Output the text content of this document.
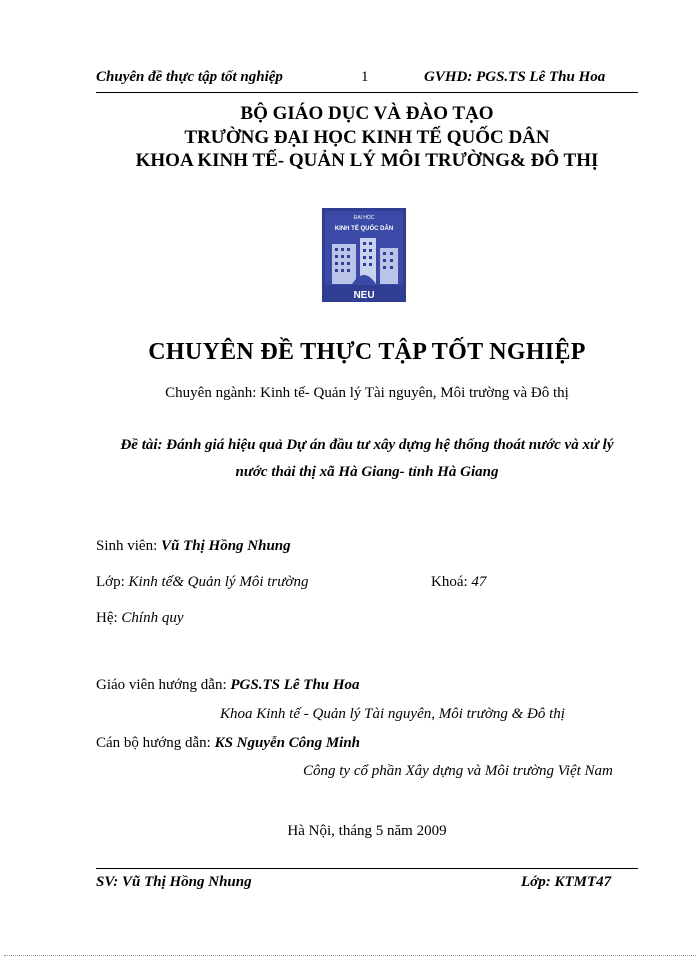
Chuyên đề thực tập tốt nghiệp	1	GVHD: PGS.TS Lê Thu Hoa
BỘ GIÁO DỤC VÀ ĐÀO TẠO
TRƯỜNG ĐẠI HỌC KINH TẾ QUỐC DÂN
KHOA KINH TẾ- QUẢN LÝ MÔI TRƯỜNG& ĐÔ THỊ
ĐẠI HỌC
KINH TẾ QUỐC DÂN
NEU
CHUYÊN ĐỀ THỰC TẬP TỐT NGHIỆP
Chuyên ngành: Kinh tế- Quản lý Tài nguyên, Môi trường và Đô thị
Đề tài: Đánh giá hiệu quả Dự án đầu tư xây dựng hệ thống thoát nước và xử lý
nước thải thị xã Hà Giang- tỉnh Hà Giang
Sinh viên: Vũ Thị Hồng Nhung
Lớp: Kinh tế& Quản lý Môi trường	Khoá: 47
Hệ: Chính quy
Giáo viên hướng dẫn: PGS.TS Lê Thu Hoa
Khoa Kinh tế - Quản lý Tài nguyên, Môi trường & Đô thị
Cán bộ hướng dẫn: KS Nguyễn Công Minh
Công ty cổ phần Xây dựng và Môi trường Việt Nam
Hà Nội, tháng 5 năm 2009
SV: Vũ Thị Hồng Nhung	Lớp: KTMT47
